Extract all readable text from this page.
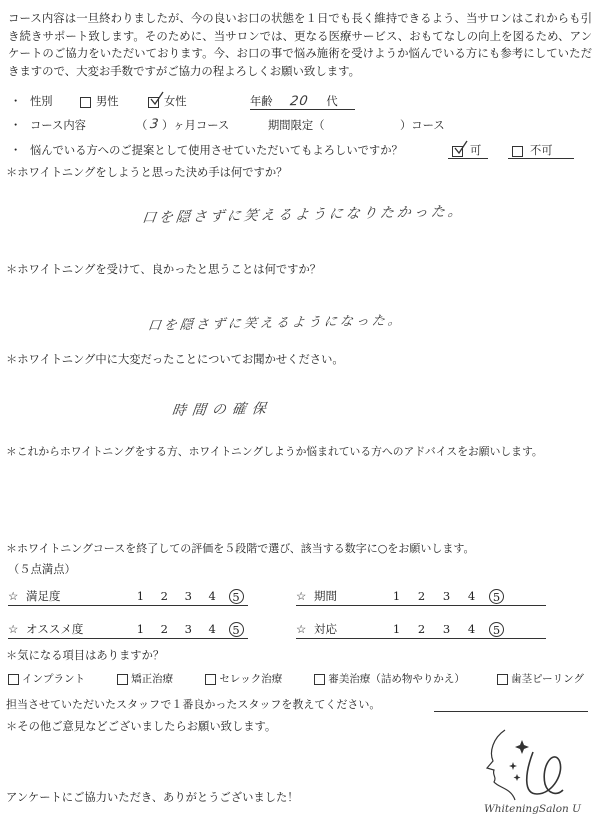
コース内容は一旦終わりましたが、今の良いお口の状態を１日でも長く維持できるよう、当サロンはこれからも引き続きサポート致します。そのために、当サロンでは、更なる医療サービス、おもてなしの向上を図るため、アンケートのご協力をいただいております。今、お口の事で悩み施術を受けようか悩んでいる方にも参考にしていただきますので、大変お手数ですがご協力の程よろしくお願い致します。
・ 性別	男性	女性	年齢 20 代
・ コース内容	（ 3 ）ヶ月コース	期間限定（	）コース
・ 悩んでいる方へのご提案として使用させていただいてもよろしいですか？	可	不可
＊ホワイトニングをしようと思った決め手は何ですか？
口を隠さずに笑えるようになりたかった。
＊ホワイトニングを受けて、良かったと思うことは何ですか？
口を隠さずに笑えるようになった。
＊ホワイトニング中に大変だったことについてお聞かせください。
時間の確保
＊これからホワイトニングをする方、ホワイトニングしようか悩まれている方へのアドバイスをお願いします。
＊ホワイトニングコースを終了しての評価を５段階で選び、該当する数字に○をお願いします。
（５点満点）
☆ 満足度	1	2	3	4	5	☆ 期間	1	2	3	4	5
☆ オススメ度	1	2	3	4	5	☆ 対応	1	2	3	4	5
＊気になる項目はありますか？
インプラント	矯正治療	セレック治療	審美治療（詰め物やりかえ）	歯茎ピーリング
担当させていただいたスタッフで１番良かったスタッフを教えてください。
＊その他ご意見などございましたらお願い致します。
アンケートにご協力いただき、ありがとうございました！
WhiteningSalon U
